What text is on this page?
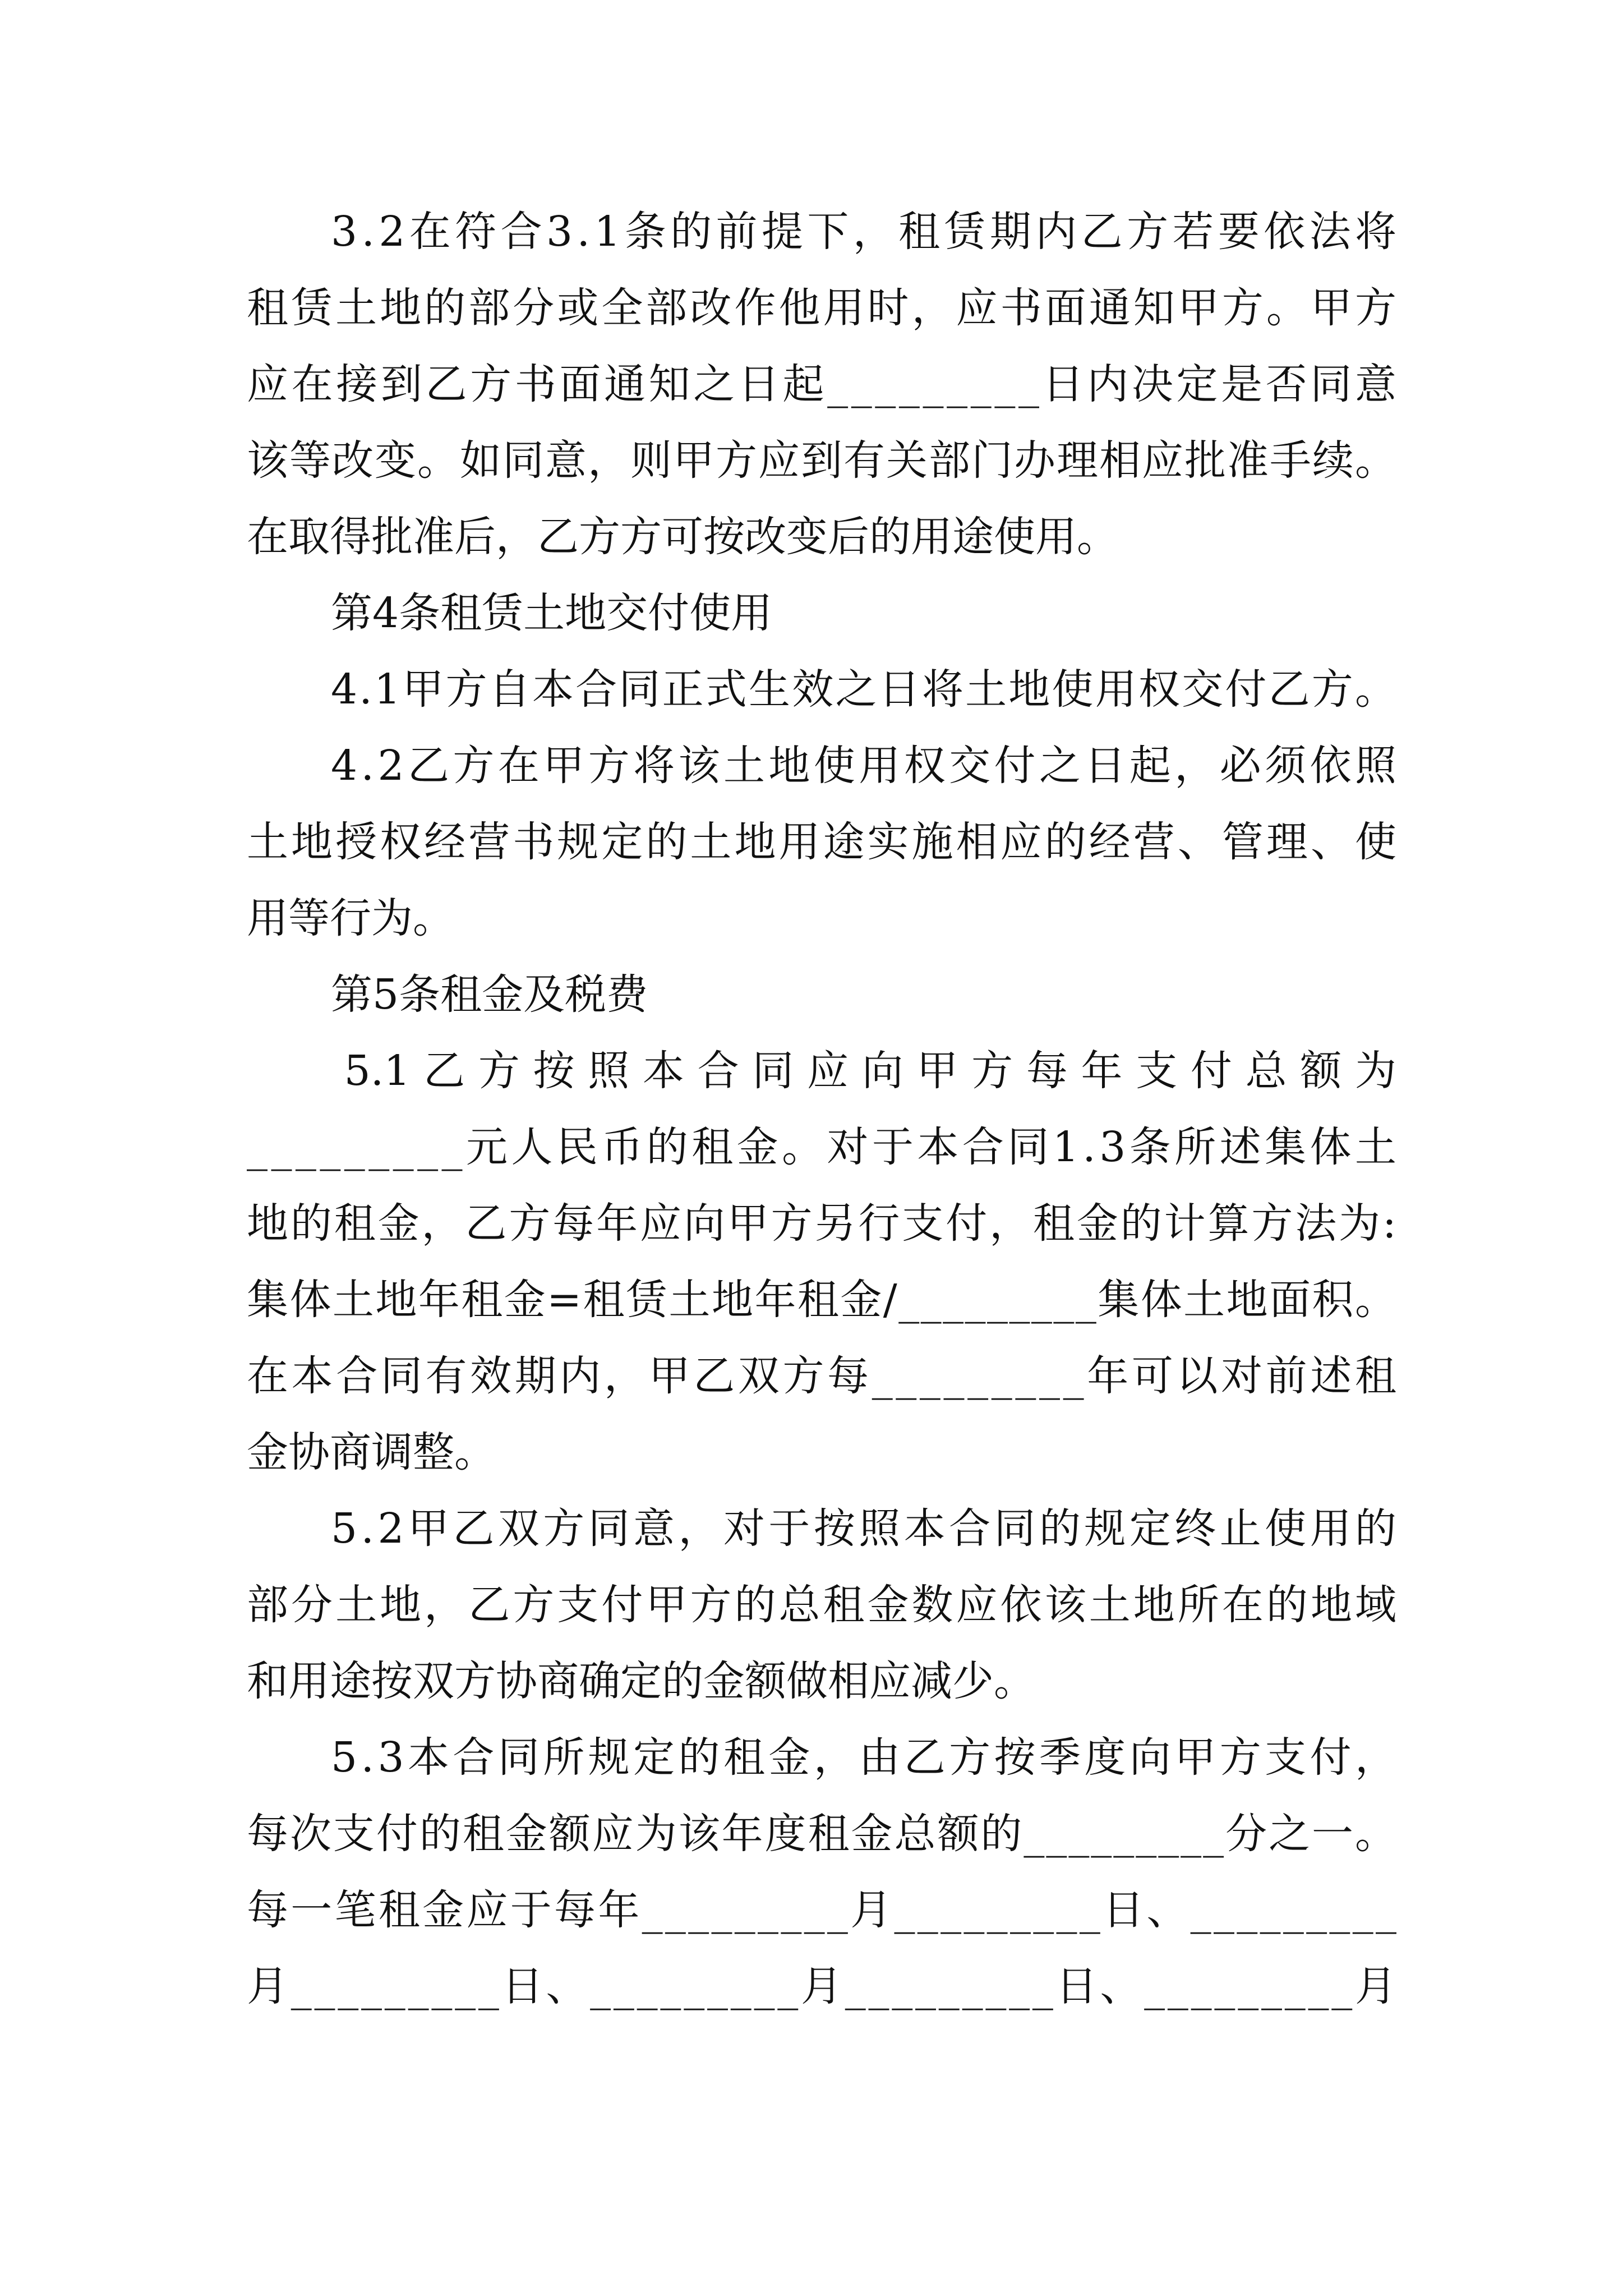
3.2在符合3.1条的前提下，租赁期内乙方若要依法将
租赁土地的部分或全部改作他用时，应书面通知甲方。甲方
应在接到乙方书面通知之日起_________日内决定是否同意
该等改变。如同意，则甲方应到有关部门办理相应批准手续。
在取得批准后，乙方方可按改变后的用途使用。
第4条租赁土地交付使用
4.1甲方自本合同正式生效之日将土地使用权交付乙方。
4.2乙方在甲方将该土地使用权交付之日起，必须依照
土地授权经营书规定的土地用途实施相应的经营、管理、使
用等行为。
第5条租金及税费
5.1 乙 方 按 照 本 合 同 应 向 甲 方 每 年 支 付 总 额 为
_________元人民币的租金。对于本合同1.3条所述集体土
地的租金，乙方每年应向甲方另行支付，租金的计算方法为:
集体土地年租金=租赁土地年租金/_________集体土地面积。
在本合同有效期内，甲乙双方每_________年可以对前述租
金协商调整。
5.2甲乙双方同意，对于按照本合同的规定终止使用的
部分土地，乙方支付甲方的总租金数应依该土地所在的地域
和用途按双方协商确定的金额做相应减少。
5.3本合同所规定的租金，由乙方按季度向甲方支付，
每次支付的租金额应为该年度租金总额的_________分之一。
每一笔租金应于每年_________月_________日、_________
月_________日、_________月_________日、_________月
